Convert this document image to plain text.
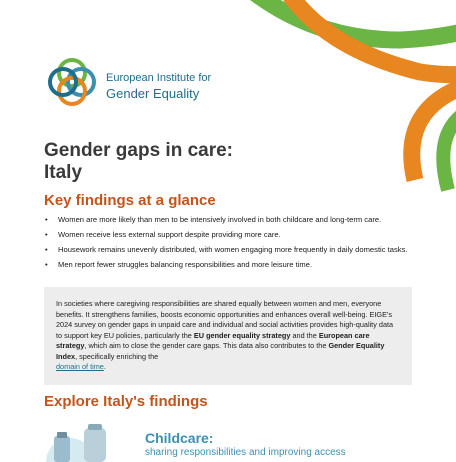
European Institute for
Gender Equality
Gender gaps in care:
Italy
Key findings at a glance
• Women are more likely than men to be intensively involved in both childcare and long-term care.
• Women receive less external support despite providing more care.
• Housework remains unevenly distributed, with women engaging more frequently in daily domestic tasks.
• Men report fewer struggles balancing responsibilities and more leisure time.
In societies where caregiving responsibilities are shared equally between women and men, everyone benefits. It strengthens families, boosts economic opportunities and enhances overall well-being. EIGE's 2024 survey on gender gaps in unpaid care and individual and social activities provides high-quality data to support key EU policies, particularly the EU gender equality strategy and the European care strategy, which aim to close the gender care gaps. This data also contributes to the Gender Equality Index, specifically enriching the
domain of time.
Explore Italy's findings
Childcare:
sharing responsibilities and improving access
